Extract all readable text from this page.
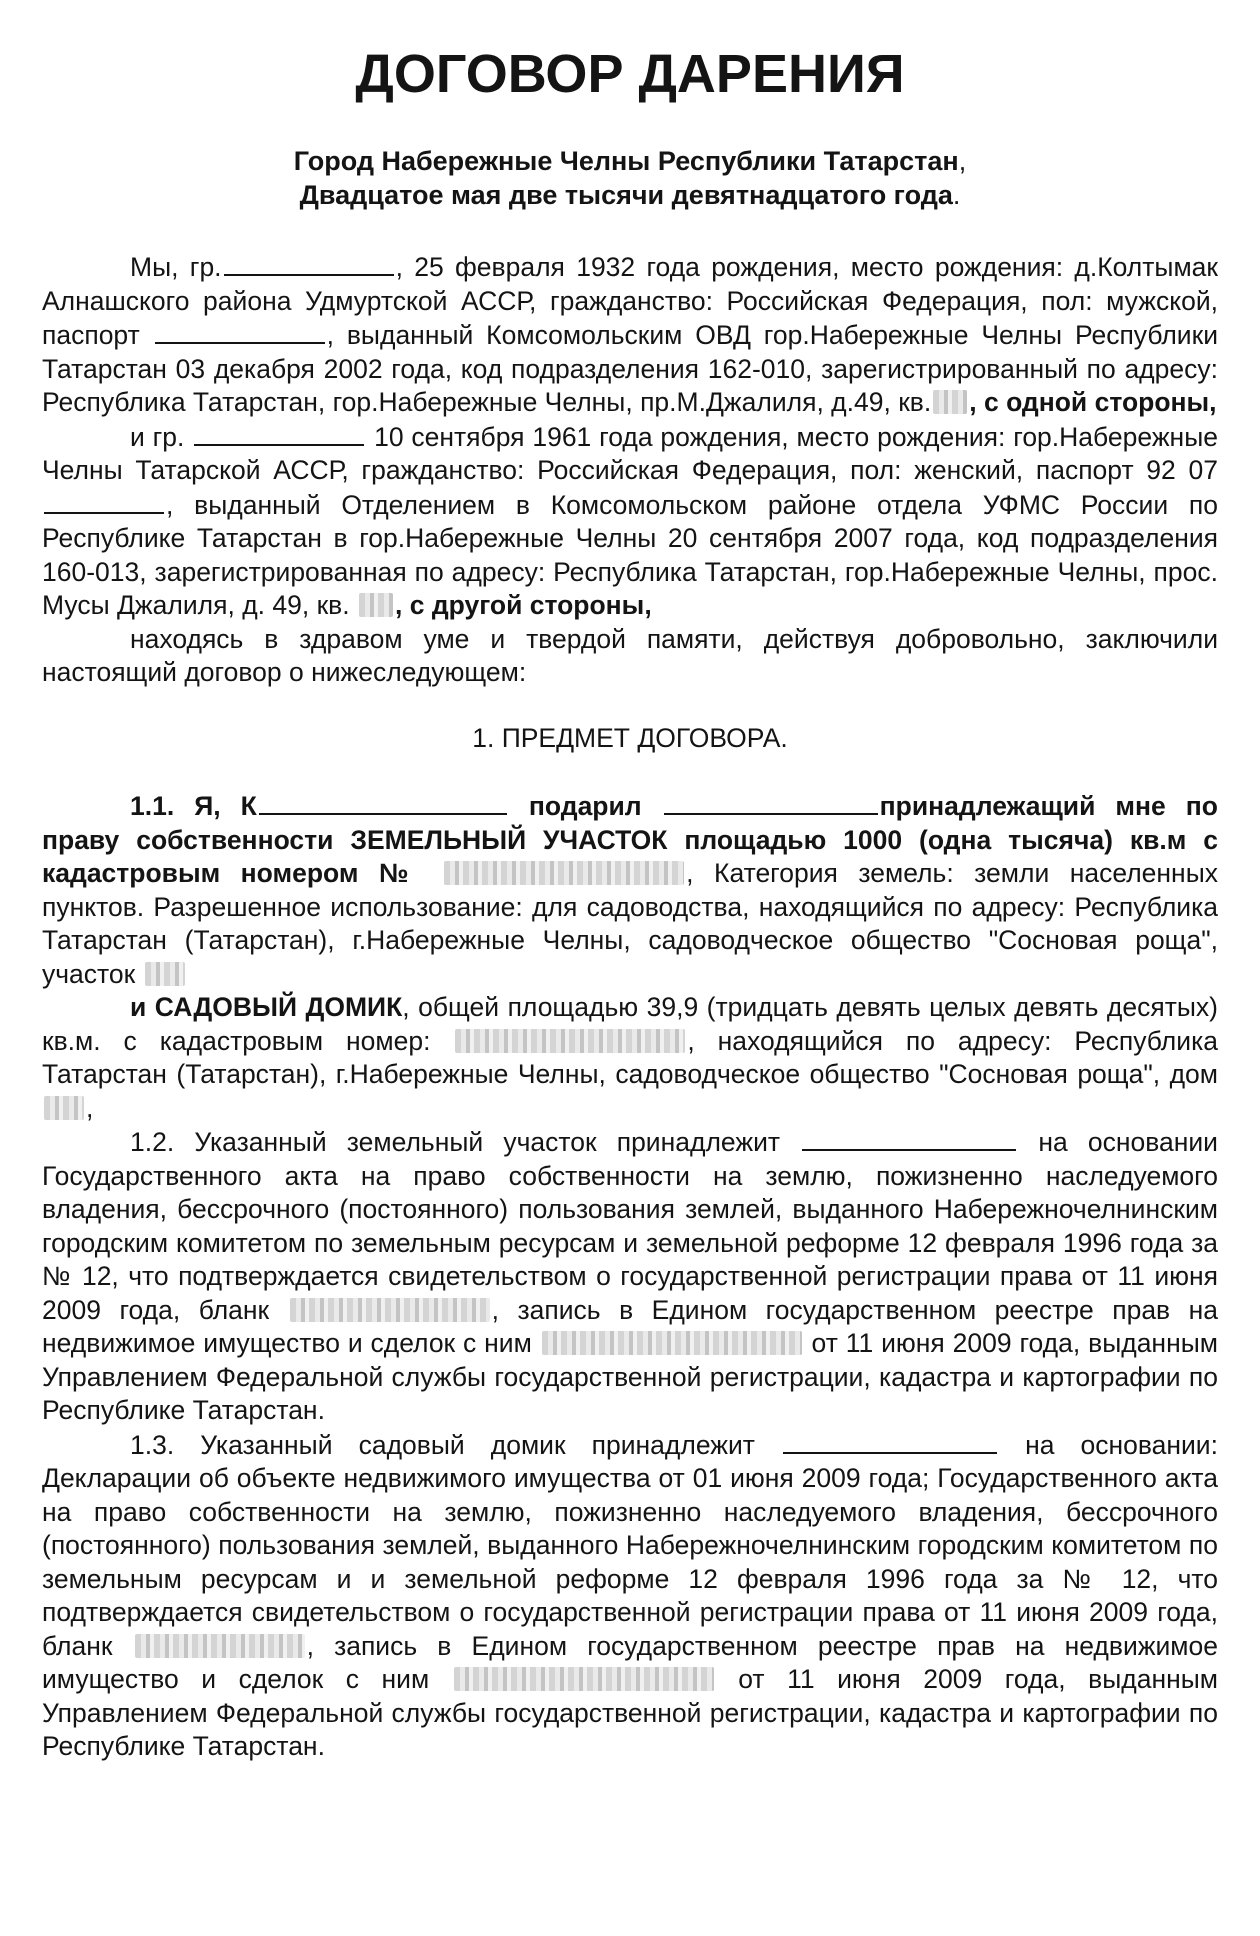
ДОГОВОР ДАРЕНИЯ
Город Набережные Челны Республики Татарстан,
Двадцатое мая две тысячи девятнадцатого года.

Мы, гр.	, 25 февраля 1932 года рождения, место рождения: д.Колтымак Алнашского района Удмуртской АССР, гражданство: Российская Федерация, пол: мужской, паспорт	, выданный Комсомольским ОВД гор.Набережные Челны Республики Татарстан 03 декабря 2002 года, код подразделения 162-010, зарегистрированный по адресу: Республика Татарстан, гор.Набережные Челны, пр.М.Джалиля, д.49, кв. , с одной стороны,

и гр.	10 сентября 1961 года рождения, место рождения: гор.Набережные Челны Татарской АССР, гражданство: Российская Федерация, пол: женский, паспорт 92 07 , выданный Отделением в Комсомольском районе отдела УФМС России по Республике Татарстан в гор.Набережные Челны 20 сентября 2007 года, код подразделения 160-013, зарегистрированная по адресу: Республика Татарстан, гор.Набережные Челны, прос. Мусы Джалиля, д. 49, кв. , с другой стороны,

находясь в здравом уме и твердой памяти, действуя добровольно, заключили настоящий договор о нижеследующем:

1. ПРЕДМЕТ ДОГОВОРА.

1.1. Я, К	подарил	принадлежащий мне по праву собственности ЗЕМЕЛЬНЫЙ УЧАСТОК площадью 1000 (одна тысяча) кв.м с кадастровым номером №	, Категория земель: земли населенных пунктов. Разрешенное использование: для садоводства, находящийся по адресу: Республика Татарстан (Татарстан), г.Набережные Челны, садоводческое общество "Сосновая роща", участок

и САДОВЫЙ ДОМИК, общей площадью 39,9 (тридцать девять целых девять десятых) кв.м. с кадастровым номер:	, находящийся по адресу: Республика Татарстан (Татарстан), г.Набережные Челны, садоводческое общество "Сосновая роща", дом ,

1.2. Указанный земельный участок принадлежит	на основании Государственного акта на право собственности на землю, пожизненно наследуемого владения, бессрочного (постоянного) пользования землей, выданного Набережночелнинским городским комитетом по земельным ресурсам и земельной реформе 12 февраля 1996 года за № 12, что подтверждается свидетельством о государственной регистрации права от 11 июня 2009 года, бланк	, запись в Едином государственном реестре прав на недвижимое имущество и сделок с ним	от 11 июня 2009 года, выданным Управлением Федеральной службы государственной регистрации, кадастра и картографии по Республике Татарстан.

1.3. Указанный садовый домик принадлежит	на основании: Декларации об объекте недвижимого имущества от 01 июня 2009 года; Государственного акта на право собственности на землю, пожизненно наследуемого владения, бессрочного (постоянного) пользования землей, выданного Набережночелнинским городским комитетом по земельным ресурсам и и земельной реформе 12 февраля 1996 года за № 12, что подтверждается свидетельством о государственной регистрации права от 11 июня 2009 года, бланк	, запись в Едином государственном реестре прав на недвижимое имущество и сделок с ним	от 11 июня 2009 года, выданным Управлением Федеральной службы государственной регистрации, кадастра и картографии по Республике Татарстан.
